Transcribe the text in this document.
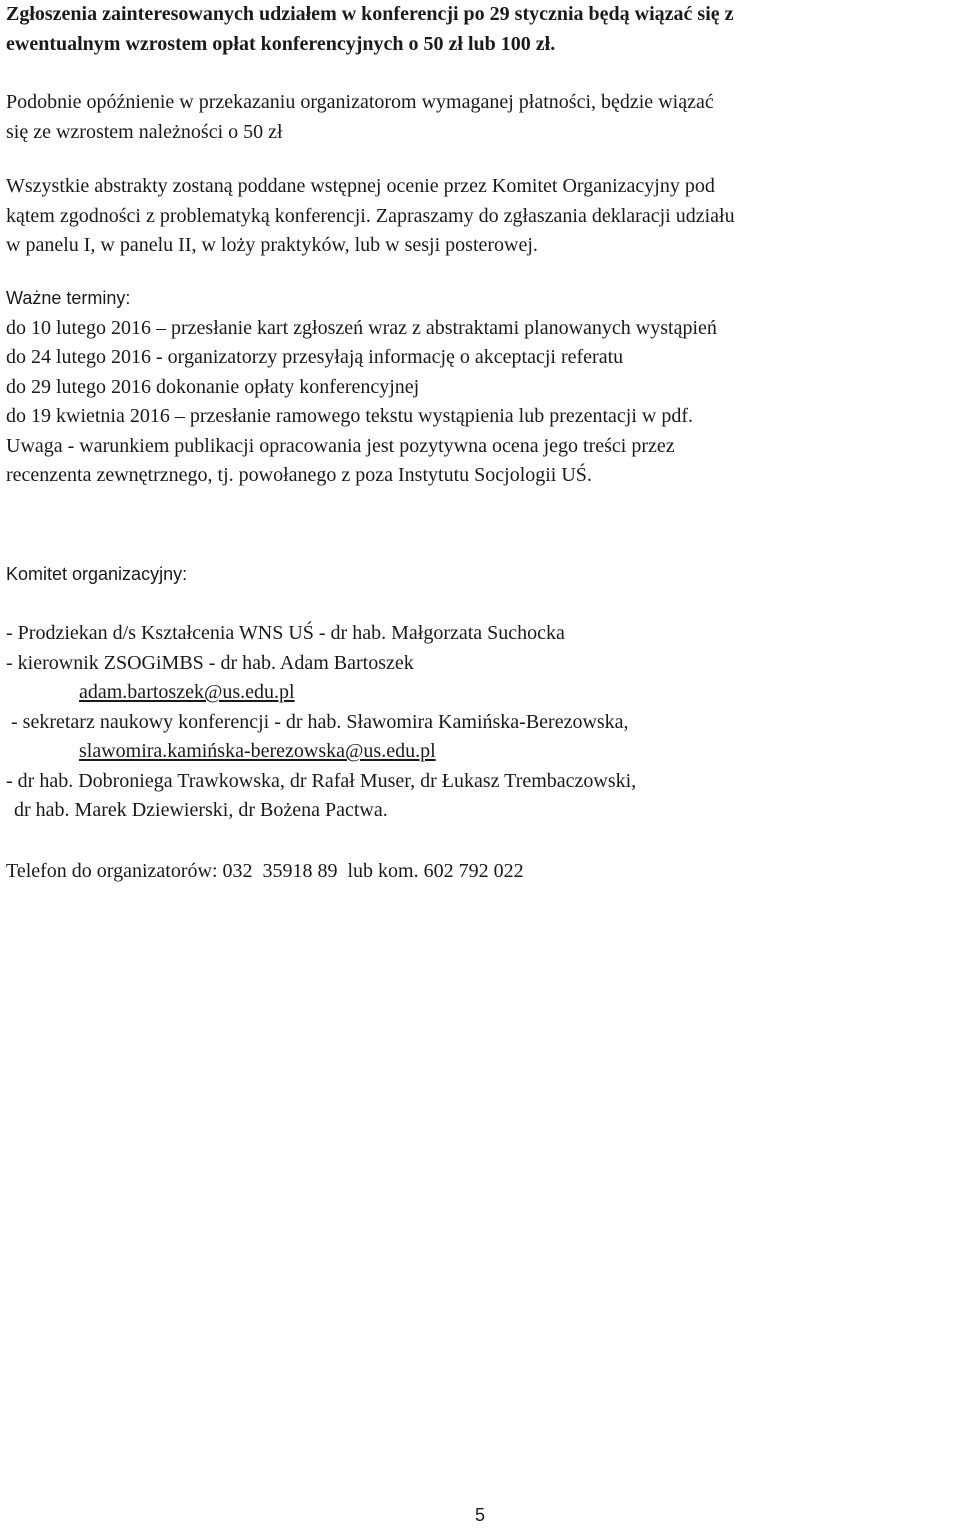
Zgłoszenia zainteresowanych udziałem w konferencji po 29 stycznia będą wiązać się z
ewentualnym wzrostem opłat konferencyjnych o 50 zł lub 100 zł.
Podobnie opóźnienie w przekazaniu organizatorom wymaganej płatności, będzie wiązać
się ze wzrostem należności o 50 zł
Wszystkie abstrakty zostaną poddane wstępnej ocenie przez Komitet Organizacyjny pod
kątem zgodności z problematyką konferencji. Zapraszamy do zgłaszania deklaracji udziału
w panelu I, w panelu II, w loży praktyków, lub w sesji posterowej.
Ważne terminy:
do 10 lutego 2016 – przesłanie kart zgłoszeń wraz z abstraktami planowanych wystąpień
do 24 lutego 2016 - organizatorzy przesyłają informację o akceptacji referatu
do 29 lutego 2016 dokonanie opłaty konferencyjnej
do 19 kwietnia 2016 – przesłanie ramowego tekstu wystąpienia lub prezentacji w pdf.
Uwaga - warunkiem publikacji opracowania jest pozytywna ocena jego treści przez
recenzenta zewnętrznego, tj. powołanego z poza Instytutu Socjologii UŚ.
Komitet organizacyjny:
- Prodziekan d/s Kształcenia WNS UŚ - dr hab. Małgorzata Suchocka
- kierownik ZSOGiMBS - dr hab. Adam Bartoszek
adam.bartoszek@us.edu.pl
- sekretarz naukowy konferencji - dr hab. Sławomira Kamińska-Berezowska,
slawomira.kamińska-berezowska@us.edu.pl
- dr hab. Dobroniega Trawkowska, dr Rafał Muser, dr Łukasz Trembaczowski,
dr hab. Marek Dziewierski, dr Bożena Pactwa.
Telefon do organizatorów: 032  35918 89  lub kom. 602 792 022
5
